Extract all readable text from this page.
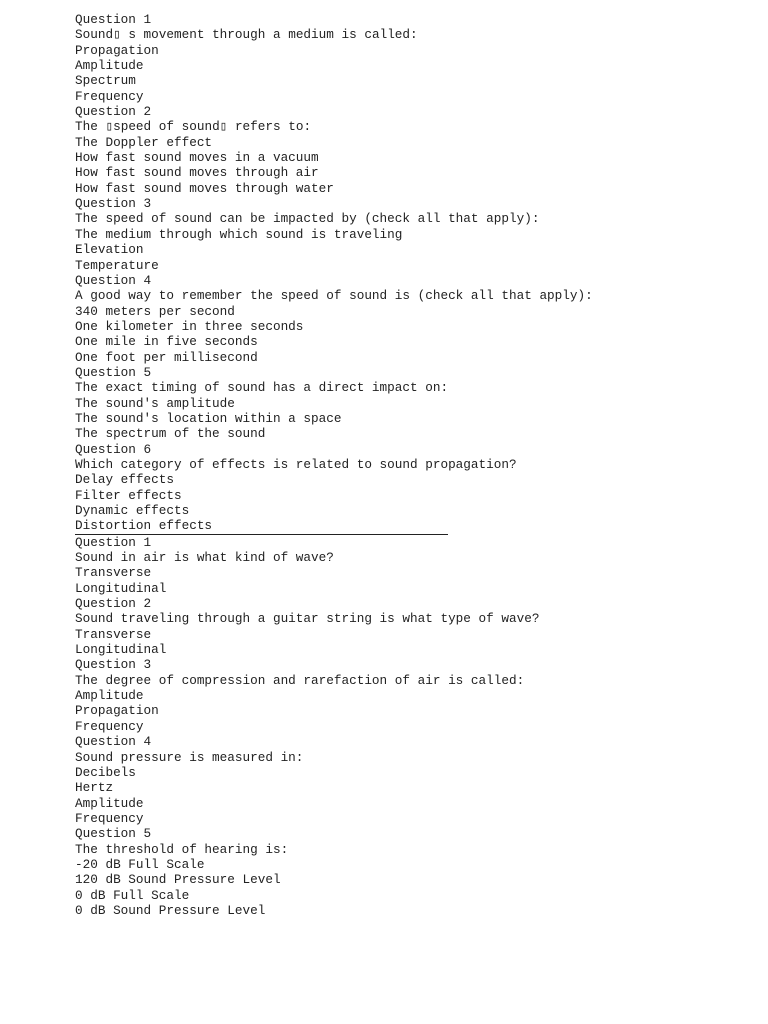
Question 1
Sound▯ s movement through a medium is called:
Propagation
Amplitude
Spectrum
Frequency
Question 2
The ▯speed of sound▯ refers to:
The Doppler effect
How fast sound moves in a vacuum
How fast sound moves through air
How fast sound moves through water
Question 3
The speed of sound can be impacted by (check all that apply):
The medium through which sound is traveling
Elevation
Temperature
Question 4
A good way to remember the speed of sound is (check all that apply):
340 meters per second
One kilometer in three seconds
One mile in five seconds
One foot per millisecond
Question 5
The exact timing of sound has a direct impact on:
The sound's amplitude
The sound's location within a space
The spectrum of the sound
Question 6
Which category of effects is related to sound propagation?
Delay effects
Filter effects
Dynamic effects
Distortion effects
Question 1
Sound in air is what kind of wave?
Transverse
Longitudinal
Question 2
Sound traveling through a guitar string is what type of wave?
Transverse
Longitudinal
Question 3
The degree of compression and rarefaction of air is called:
Amplitude
Propagation
Frequency
Question 4
Sound pressure is measured in:
Decibels
Hertz
Amplitude
Frequency
Question 5
The threshold of hearing is:
-20 dB Full Scale
120 dB Sound Pressure Level
0 dB Full Scale
0 dB Sound Pressure Level
